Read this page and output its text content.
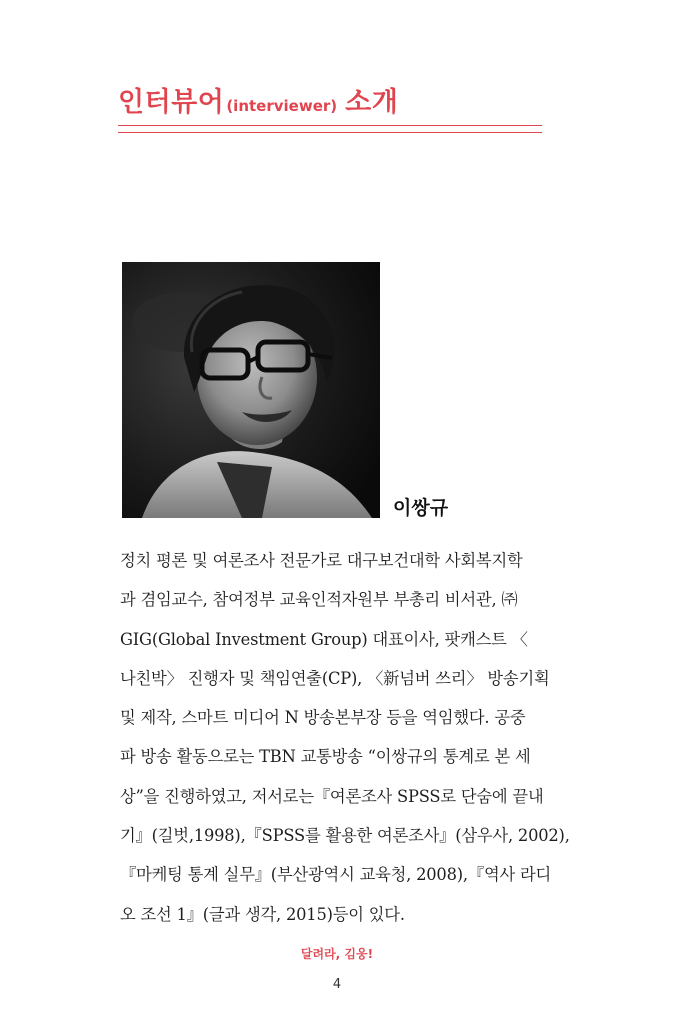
인터뷰어 (interviewer) 소개
이쌍규
정치 평론 및 여론조사 전문가로 대구보건대학 사회복지학
과 겸임교수, 참여정부 교육인적자원부 부총리 비서관, ㈜
GIG(Global Investment Group) 대표이사, 팟캐스트 〈
나친박〉 진행자 및 책임연출(CP), 〈新넘버 쓰리〉 방송기획
및 제작, 스마트 미디어 N 방송본부장 등을 역임했다. 공중
파 방송 활동으로는 TBN 교통방송 “이쌍규의 통계로 본 세
상”을 진행하였고, 저서로는『여론조사 SPSS로 단숨에 끝내
기』(길벗,1998),『SPSS를 활용한 여론조사』(삼우사, 2002),
『마케팅 통계 실무』(부산광역시 교육청, 2008),『역사 라디
오 조선 1』(글과 생각, 2015)등이 있다.
달려라, 김웅!
4
